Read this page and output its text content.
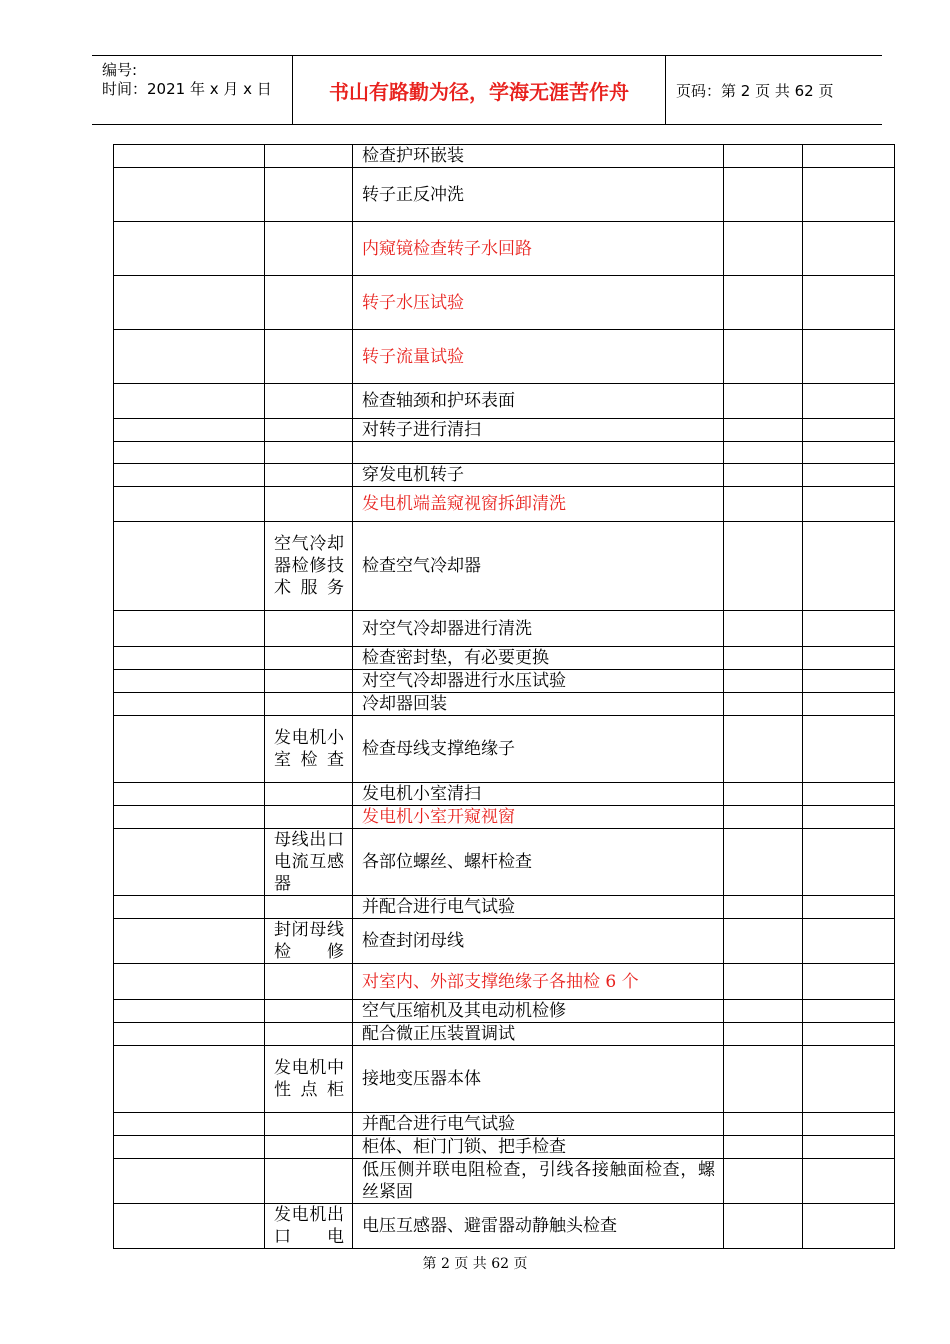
编号:
时间：2021 年 x 月 x 日	书山有路勤为径，学海无涯苦作舟	页码：第 2 页 共 62 页
		检查护环嵌装		
		转子正反冲洗		
		内窥镜检查转子水回路		
		转子水压试验		
		转子流量试验		
		检查轴颈和护环表面		
		对转子进行清扫		

		穿发电机转子		
		发电机端盖窥视窗拆卸清洗		
	空气冷却器检修技术服务	检查空气冷却器		
		对空气冷却器进行清洗		
		检查密封垫，有必要更换		
		对空气冷却器进行水压试验		
		冷却器回装		
	发电机小室检查	检查母线支撑绝缘子		
		发电机小室清扫		
		发电机小室开窥视窗		
	母线出口电流互感器	各部位螺丝、螺杆检查		
		并配合进行电气试验		
	封闭母线检修	检查封闭母线		
		对室内、外部支撑绝缘子各抽检 6 个		
		空气压缩机及其电动机检修		
		配合微正压装置调试		
	发电机中性点柜	接地变压器本体		
		并配合进行电气试验		
		柜体、柜门门锁、把手检查		
		低压侧并联电阻检查，引线各接触面检查，螺丝紧固		
	发电机出口电	电压互感器、避雷器动静触头检查		
第 2 页 共 62 页
